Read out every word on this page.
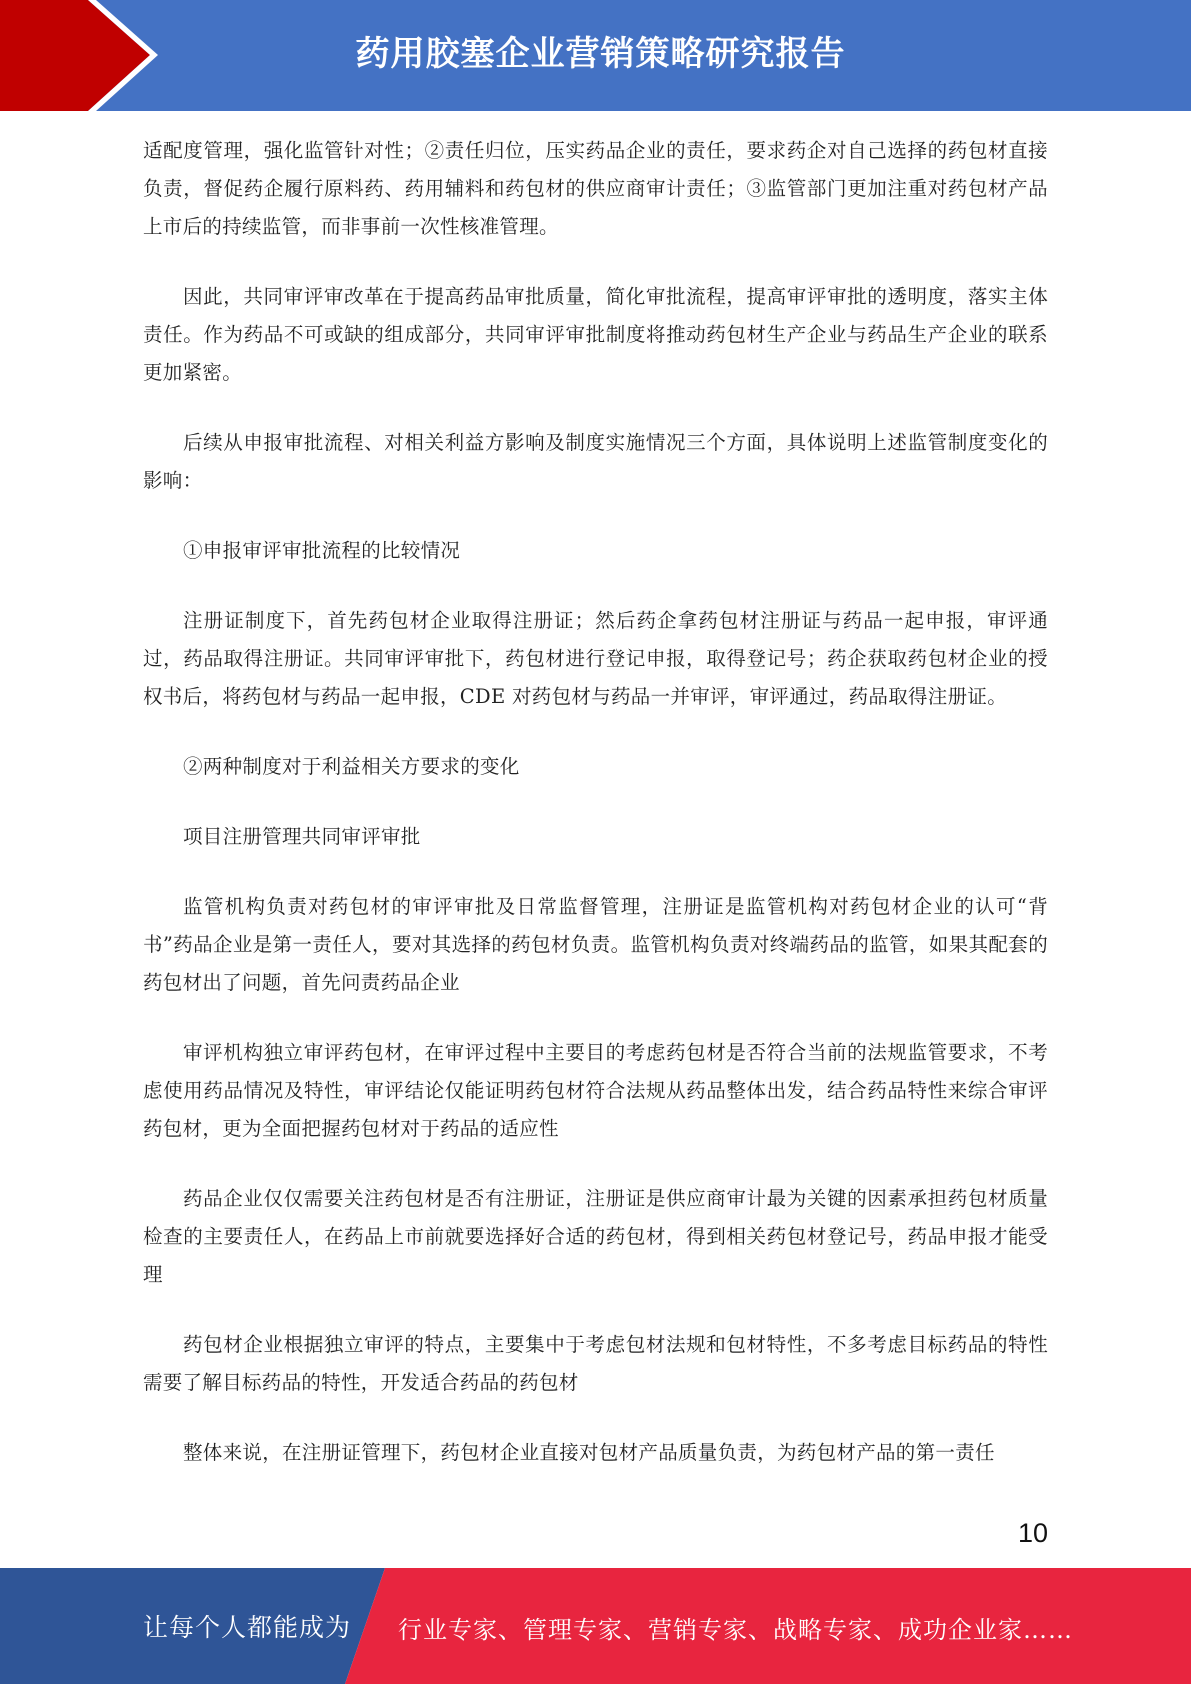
药用胶塞企业营销策略研究报告

适配度管理，强化监管针对性；②责任归位，压实药品企业的责任，要求药企对自己选择的药包材直接负责，督促药企履行原料药、药用辅料和药包材的供应商审计责任；③监管部门更加注重对药包材产品上市后的持续监管，而非事前一次性核准管理。

因此，共同审评审改革在于提高药品审批质量，简化审批流程，提高审评审批的透明度，落实主体责任。作为药品不可或缺的组成部分，共同审评审批制度将推动药包材生产企业与药品生产企业的联系更加紧密。

后续从申报审批流程、对相关利益方影响及制度实施情况三个方面，具体说明上述监管制度变化的影响：

①申报审评审批流程的比较情况

注册证制度下，首先药包材企业取得注册证；然后药企拿药包材注册证与药品一起申报，审评通过，药品取得注册证。共同审评审批下，药包材进行登记申报，取得登记号；药企获取药包材企业的授权书后，将药包材与药品一起申报，CDE 对药包材与药品一并审评，审评通过，药品取得注册证。

②两种制度对于利益相关方要求的变化

项目注册管理共同审评审批

监管机构负责对药包材的审评审批及日常监督管理，注册证是监管机构对药包材企业的认可“背书”药品企业是第一责任人，要对其选择的药包材负责。监管机构负责对终端药品的监管，如果其配套的药包材出了问题，首先问责药品企业

审评机构独立审评药包材，在审评过程中主要目的考虑药包材是否符合当前的法规监管要求，不考虑使用药品情况及特性，审评结论仅能证明药包材符合法规从药品整体出发，结合药品特性来综合审评药包材，更为全面把握药包材对于药品的适应性

药品企业仅仅需要关注药包材是否有注册证，注册证是供应商审计最为关键的因素承担药包材质量检查的主要责任人，在药品上市前就要选择好合适的药包材，得到相关药包材登记号，药品申报才能受理

药包材企业根据独立审评的特点，主要集中于考虑包材法规和包材特性，不多考虑目标药品的特性需要了解目标药品的特性，开发适合药品的药包材

整体来说，在注册证管理下，药包材企业直接对包材产品质量负责，为药包材产品的第一责任

10
让每个人都能成为 行业专家、管理专家、营销专家、战略专家、成功企业家……
